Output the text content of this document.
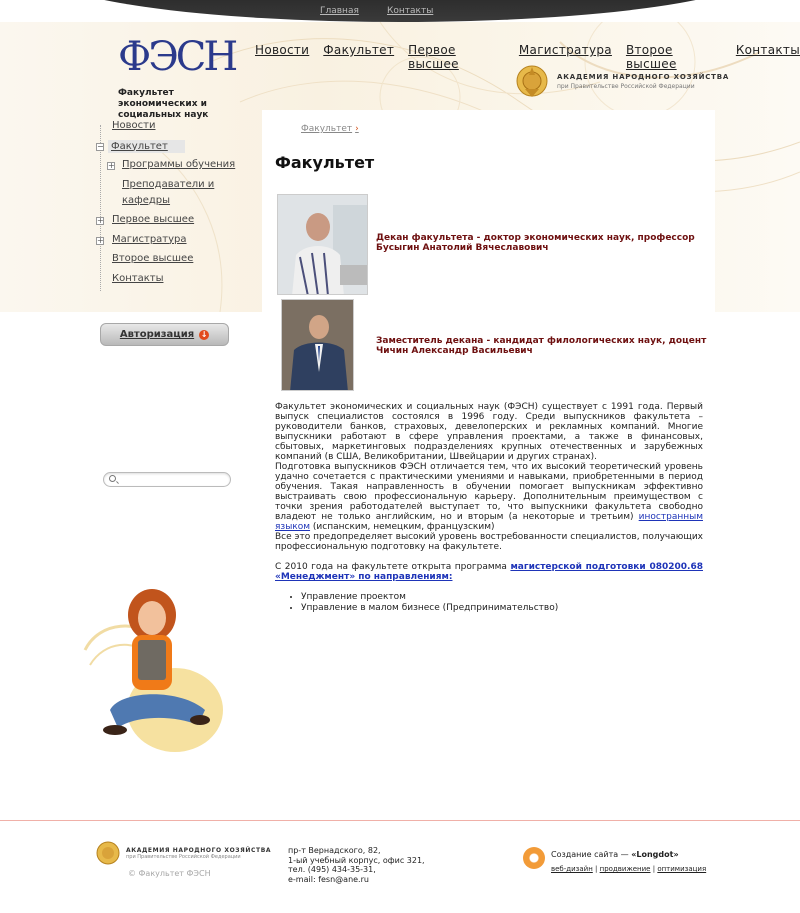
Главная	Контакты
ФЭСН
Факультет экономических и социальных наук
Новости Факультет Первое высшее
Магистратура Второе высшее
Контакты
АКАДЕМИЯ НАРОДНОГО ХОЗЯЙСТВА
при Правительстве Российской Федерации
Новости
− Факультет
+ Программы обучения
Преподаватели и
кафедры
+ Первое высшее
+ Магистратура
Второе высшее
Контакты
Авторизация ↓
Факультет ›
Факультет
Декан факультета - доктор экономических наук, профессор
Бусыгин Анатолий Вячеславович
Заместитель декана - кандидат филологических наук, доцент
Чичин Александр Васильевич

Факультет экономических и социальных наук (ФЭСН) существует с 1991 года. Первый выпуск специалистов состоялся в 1996 году. Среди выпускников факультета – руководители банков, страховых, девелоперских и рекламных компаний. Многие выпускники работают в сфере управления проектами, а также в финансовых, сбытовых, маркетинговых подразделениях крупных отечественных и зарубежных компаний (в США, Великобритании, Швейцарии и других странах).

Подготовка выпускников ФЭСН отличается тем, что их высокий теоретический уровень удачно сочетается с практическими умениями и навыками, приобретенными в период обучения. Такая направленность в обучении помогает выпускникам эффективно выстраивать свою профессиональную карьеру. Дополнительным преимуществом с точки зрения работодателей выступает то, что выпускники факультета свободно владеют не только английским, но и вторым (а некоторые и третьим) иностранным языком (испанским, немецким, французским)

Все это предопределяет высокий уровень востребованности специалистов, получающих профессиональную подготовку на факультете.

С 2010 года на факультете открыта программа магистерской подготовки 080200.68 «Менеджмент» по направлениям:

• Управление проектом
• Управление в малом бизнесе (Предпринимательство)
АКАДЕМИЯ НАРОДНОГО ХОЗЯЙСТВА
при Правительстве Российской Федерации
© Факультет ФЭСН
пр-т Вернадского, 82,
1-ый учебный корпус, офис 321,
тел. (495) 434-35-31,
e-mail: fesn@ane.ru
Создание сайта — «Longdot»
веб-дизайн | продвижение | оптимизация
